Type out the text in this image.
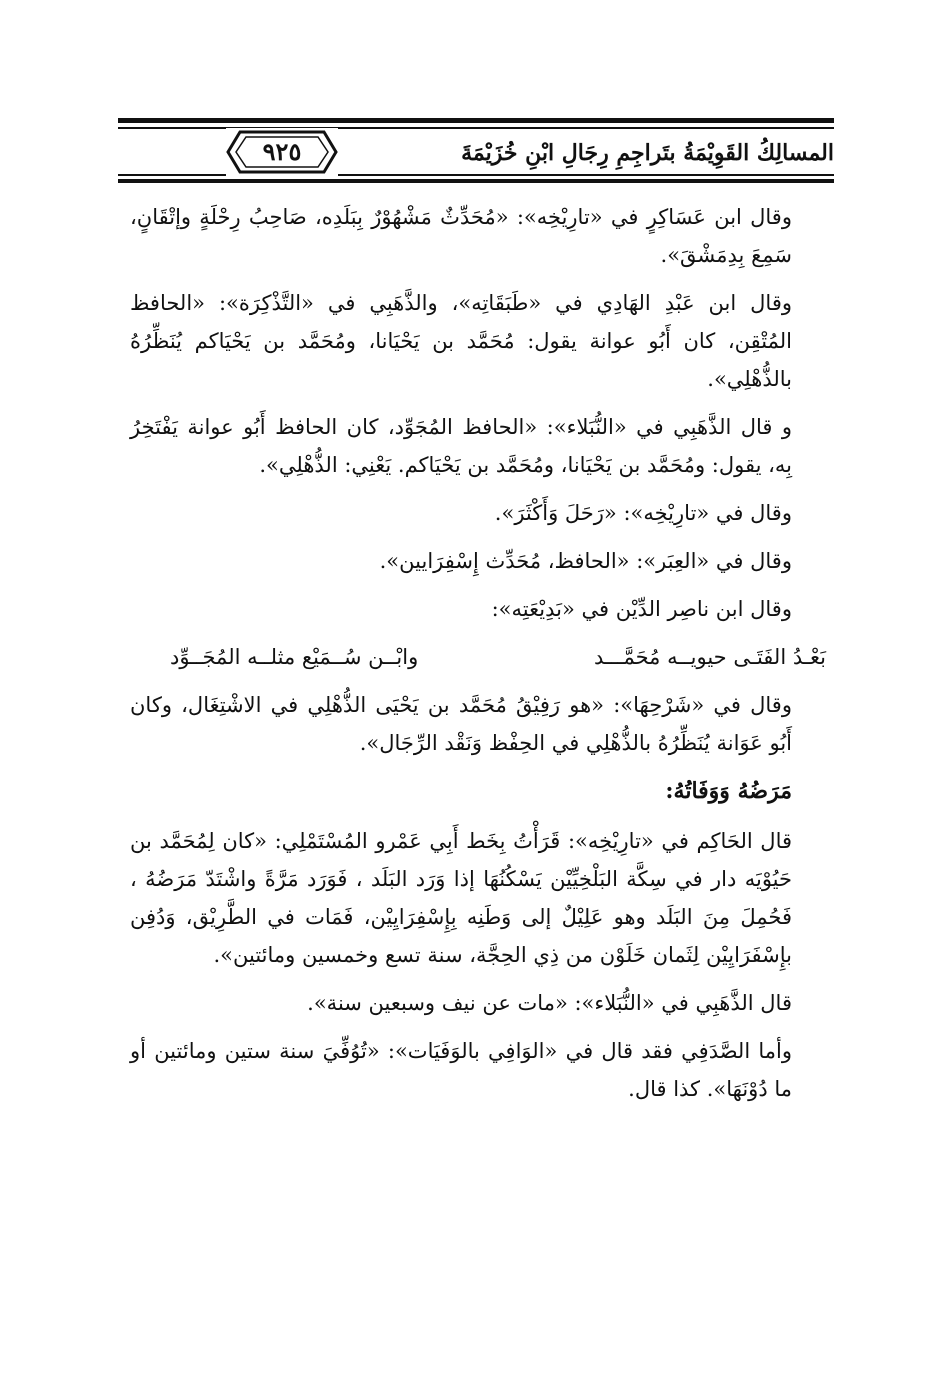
المسالِكُ القَوِيْمَةُ بتَراجِمِ رِجَالِ ابْنِ خُزَيْمَةَ
٩٢٥

وقال ابن عَسَاكِرٍ في «تارِيْخِه»: «مُحَدِّثٌ مَشْهُوْرٌ بِبَلَدِه، صَاحِبُ رِحْلَةٍ وإتْقَانٍ، سَمِعَ بِدِمَشْقَ».

وقال ابن عَبْدِ الهَادِي في «طَبَقَاتِه»، والذَّهَبِي في «التَّذْكِرَة»: «الحافظ المُتْقِن، كان أَبُو عوانة يقول: مُحَمَّد بن يَحْيَانا، ومُحَمَّد بن يَحْيَاكم يُنَظِّرُهُ بالذُّهْلِي».

و قال الذَّهَبِي في «النُّبَلاء»: «الحافظ المُجَوِّد، كان الحافظ أَبُو عوانة يَفْتَخِرُ بِه، يقول: ومُحَمَّد بن يَحْيَانا، ومُحَمَّد بن يَحْيَاكم. يَعْنِي: الذُّهْلِي».

وقال في «تارِيْخِه»: «رَحَلَ وَأَكْثَرَ».

وقال في «العِبَر»: «الحافظ، مُحَدِّث إِسْفِرَايين».

وقال ابن ناصِر الدِّيْن في «بَدِيْعَتِه»:

بَعْـدُ الفَتَـى حيويــه مُحَمَّـــد
وابْــن سُــمَيْع مثلــه المُجَــوِّد

وقال في «شَرْحِهَا»: «هو رَفِيْقُ مُحَمَّد بن يَحْيَى الذُّهْلِي في الاشْتِغَال، وكان أَبُو عَوَانة يُنَظِّرُهُ بالذُّهْلِي في الحِفْظ وَنَقْد الرِّجَال».

مَرَضُهُ وَوَفَاتُهُ:

قال الحَاكِم في «تارِيْخِه»: قَرَأْتُ بِخَط أَبِي عَمْرو المُسْتَمْلِي: «كان لِمُحَمَّد بن حَيُوْيَه دار في سِكَّة البَلْخِيِّيْن يَسْكُنُهَا إذا وَرَد البَلَد ، فَوَرَد مَرَّةً واشْتَدّ مَرَضُهُ ، فَحُمِلَ مِنَ البَلَد وهو عَلِيْلٌ إلى وَطَنِه بِإِسْفِرَايِيْن، فَمَات في الطَّرِيْق، وَدُفِن بإِسْفَرَايِيْن لِثَمان خَلَوْن من ذِي الحِجَّة، سنة تسع وخمسين ومائتين».

قال الذَّهَبِي في «النُّبَلاء»: «مات عن نيف وسبعين سنة».

وأما الصَّدَفِي فقد قال في «الوَافِي بالوَفَيَات»: «تُوُفِّيَ سنة ستين ومائتين أو ما دُوْنَهَا». كذا قال.
